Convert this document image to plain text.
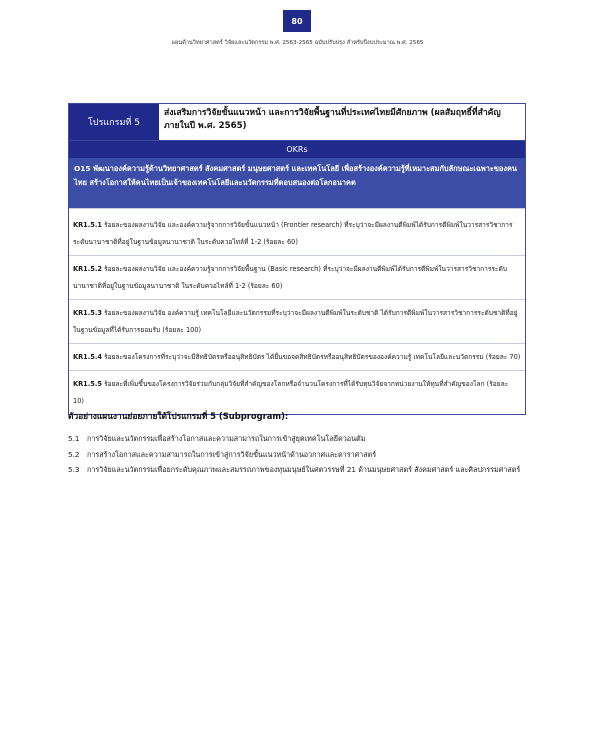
80
แผนด้านวิทยาศาสตร์ วิจัยและนวัตกรรม พ.ศ. 2563-2565 ฉบับปรับปรุง สำหรับปีงบประมาณ พ.ศ. 2565
โปรแกรมที่ 5
ส่งเสริมการวิจัยขั้นแนวหน้า และการวิจัยพื้นฐานที่ประเทศไทยมีศักยภาพ (ผลสัมฤทธิ์ที่สำคัญภายในปี พ.ศ. 2565)
OKRs
O15 พัฒนาองค์ความรู้ด้านวิทยาศาสตร์ สังคมศาสตร์ มนุษยศาสตร์ และเทคโนโลยี เพื่อสร้างองค์ความรู้ที่เหมาะสมกับลักษณะเฉพาะของคนไทย สร้างโอกาสให้คนไทยเป็นเจ้าของเทคโนโลยีและนวัตกรรมที่ตอบสนองต่อโลกอนาคต
KR1.5.1 ร้อยละของผลงานวิจัย และองค์ความรู้จากการวิจัยขั้นแนวหน้า (Frontier research) ที่ระบุว่าจะมีผลงานตีพิมพ์ได้รับการตีพิมพ์ในวารสารวิชาการระดับนานาชาติที่อยู่ในฐานข้อมูลนานาชาติ ในระดับควอไทล์ที่ 1-2 (ร้อยละ 60)
KR1.5.2 ร้อยละของผลงานวิจัย และองค์ความรู้จากการวิจัยพื้นฐาน (Basic research) ที่ระบุว่าจะมีผลงานตีพิมพ์ได้รับการตีพิมพ์ในวารสารวิชาการระดับนานาชาติที่อยู่ในฐานข้อมูลนานาชาติ ในระดับควอไทล์ที่ 1-2 (ร้อยละ 60)
KR1.5.3 ร้อยละของผลงานวิจัย องค์ความรู้ เทคโนโลยีและนวัตกรรมที่ระบุว่าจะมีผลงานตีพิมพ์ในระดับชาติ ได้รับการตีพิมพ์ในวารสารวิชาการระดับชาติที่อยู่ในฐานข้อมูลที่ได้รับการยอมรับ (ร้อยละ 100)
KR1.5.4 ร้อยละของโครงการที่ระบุว่าจะมีสิทธิบัตรหรืออนุสิทธิบัตร ได้ยื่นขอจดสิทธิบัตรหรืออนุสิทธิบัตรขององค์ความรู้ เทคโนโลยีและนวัตกรรม (ร้อยละ 70)
KR1.5.5 ร้อยละที่เพิ่มขึ้นของโครงการวิจัยร่วมกับกลุ่มวิจัยที่สำคัญของโลกหรือจำนวนโครงการที่ได้รับทุนวิจัยจากหน่วยงานให้ทุนที่สำคัญของโลก (ร้อยละ 10)
ตัวอย่างแผนงานย่อยภายใต้โปรแกรมที่ 5 (Subprogram):
5.1	การวิจัยและนวัตกรรมเพื่อสร้างโอกาสและความสามารถในการเข้าสู่ยุคเทคโนโลยีควอนตัม
5.2	การสร้างโอกาสและความสามารถในการเข้าสู่การวิจัยขั้นแนวหน้าด้านอวกาศและดาราศาสตร์
5.3	การวิจัยและนวัตกรรมเพื่อยกระดับคุณภาพและสมรรถภาพของทุนมนุษย์ในศตวรรษที่ 21 ด้านมนุษยศาสตร์ สังคมศาสตร์ และศิลปกรรมศาสตร์
